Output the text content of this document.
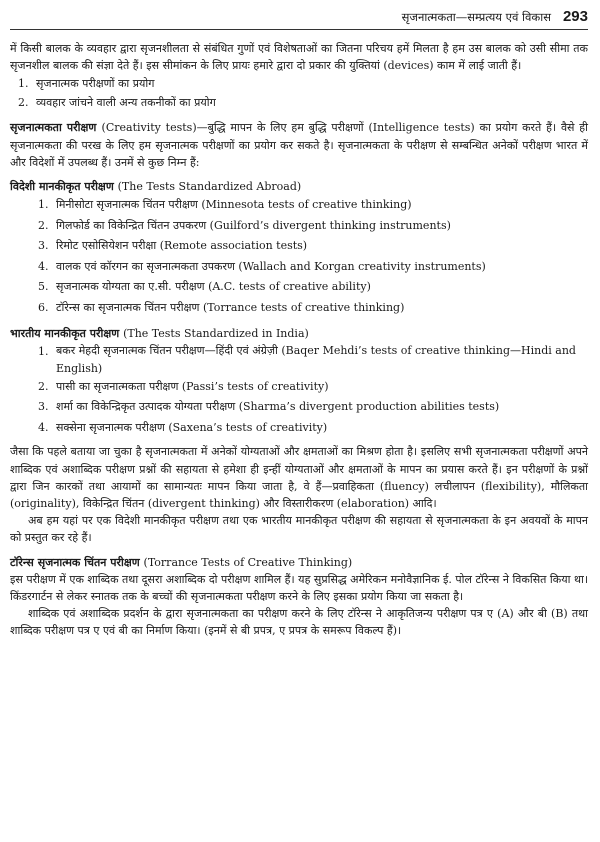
सृजनात्मकता—सम्प्रत्यय एवं विकास 293

में किसी बालक के व्यवहार द्वारा सृजनशीलता से संबंधित गुणों एवं विशेषताओं का जितना परिचय हमें मिलता है हम उस बालक को उसी सीमा तक सृजनशील बालक की संज्ञा देते हैं। इस सीमांकन के लिए प्रायः हमारे द्वारा दो प्रकार की युक्तियां (devices) काम में लाई जाती हैं।

1. सृजनात्मक परीक्षणों का प्रयोग
2. व्यवहार जांचने वाली अन्य तकनीकों का प्रयोग

सृजनात्मकता परीक्षण (Creativity tests)—बुद्धि मापन के लिए हम बुद्धि परीक्षणों (Intelligence tests) का प्रयोग करते हैं। वैसे ही सृजनात्मकता की परख के लिए हम सृजनात्मक परीक्षणों का प्रयोग कर सकते है। सृजनात्मकता के परीक्षण से सम्बन्धित अनेकों परीक्षण भारत में और विदेशों में उपलब्ध हैं। उनमें से कुछ निम्न हैं:

विदेशी मानकीकृत परीक्षण (The Tests Standardized Abroad)

1. मिनीसोटा सृजनात्मक चिंतन परीक्षण (Minnesota tests of creative thinking)
2. गिलफोर्ड का विकेन्द्रित चिंतन उपकरण (Guilford’s divergent thinking instruments)
3. रिमोट एसोसियेशन परीक्षा (Remote association tests)
4. वालक एवं कॉरगन का सृजनात्मकता उपकरण (Wallach and Korgan creativity instruments)
5. सृजनात्मक योग्यता का ए.सी. परीक्षण (A.C. tests of creative ability)
6. टॉरेन्स का सृजनात्मक चिंतन परीक्षण (Torrance tests of creative thinking)

भारतीय मानकीकृत परीक्षण (The Tests Standardized in India)

1. बकर मेहदी सृजनात्मक चिंतन परीक्षण—हिंदी एवं अंग्रेज़ी (Baqer Mehdi’s tests of creative thinking—Hindi and English)
2. पासी का सृजनात्मकता परीक्षण (Passi’s tests of creativity)
3. शर्मा का विकेन्द्रिकृत उत्पादक योग्यता परीक्षण (Sharma’s divergent production abilities tests)
4. सक्सेना सृजनात्मक परीक्षण (Saxena’s tests of creativity)

जैसा कि पहले बताया जा चुका है सृजनात्मकता में अनेकों योग्यताओं और क्षमताओं का मिश्रण होता है। इसलिए सभी सृजनात्मकता परीक्षणों अपने शाब्दिक एवं अशाब्दिक परीक्षण प्रश्नों की सहायता से हमेशा ही इन्हीं योग्यताओं और क्षमताओं के मापन का प्रयास करते हैं। इन परीक्षणों के प्रश्नों द्वारा जिन कारकों तथा आयामों का सामान्यतः मापन किया जाता है, वे हैं—प्रवाहिकता (fluency) लचीलापन (flexibility), मौलिकता (originality), विकेन्द्रित चिंतन (divergent thinking) और विस्तारीकरण (elaboration) आदि।

अब हम यहां पर एक विदेशी मानकीकृत परीक्षण तथा एक भारतीय मानकीकृत परीक्षण की सहायता से सृजनात्मकता के इन अवयवों के मापन को प्रस्तुत कर रहे हैं।

टॉरेन्स सृजनात्मक चिंतन परीक्षण (Torrance Tests of Creative Thinking)

इस परीक्षण में एक शाब्दिक तथा दूसरा अशाब्दिक दो परीक्षण शामिल हैं। यह सुप्रसिद्ध अमेरिकन मनोवैज्ञानिक ई. पोल टॉरेन्स ने विकसित किया था। किंडरगार्टन से लेकर स्नातक तक के बच्चों की सृजनात्मकता परीक्षण करने के लिए इसका प्रयोग किया जा सकता है।

शाब्दिक एवं अशाब्दिक प्रदर्शन के द्वारा सृजनात्मकता का परीक्षण करने के लिए टॉरेन्स ने आकृतिजन्य परीक्षण पत्र ए (A) और बी (B) तथा शाब्दिक परीक्षण पत्र ए एवं बी का निर्माण किया। (इनमें से बी प्रपत्र, ए प्रपत्र के समरूप विकल्प हैं)।
